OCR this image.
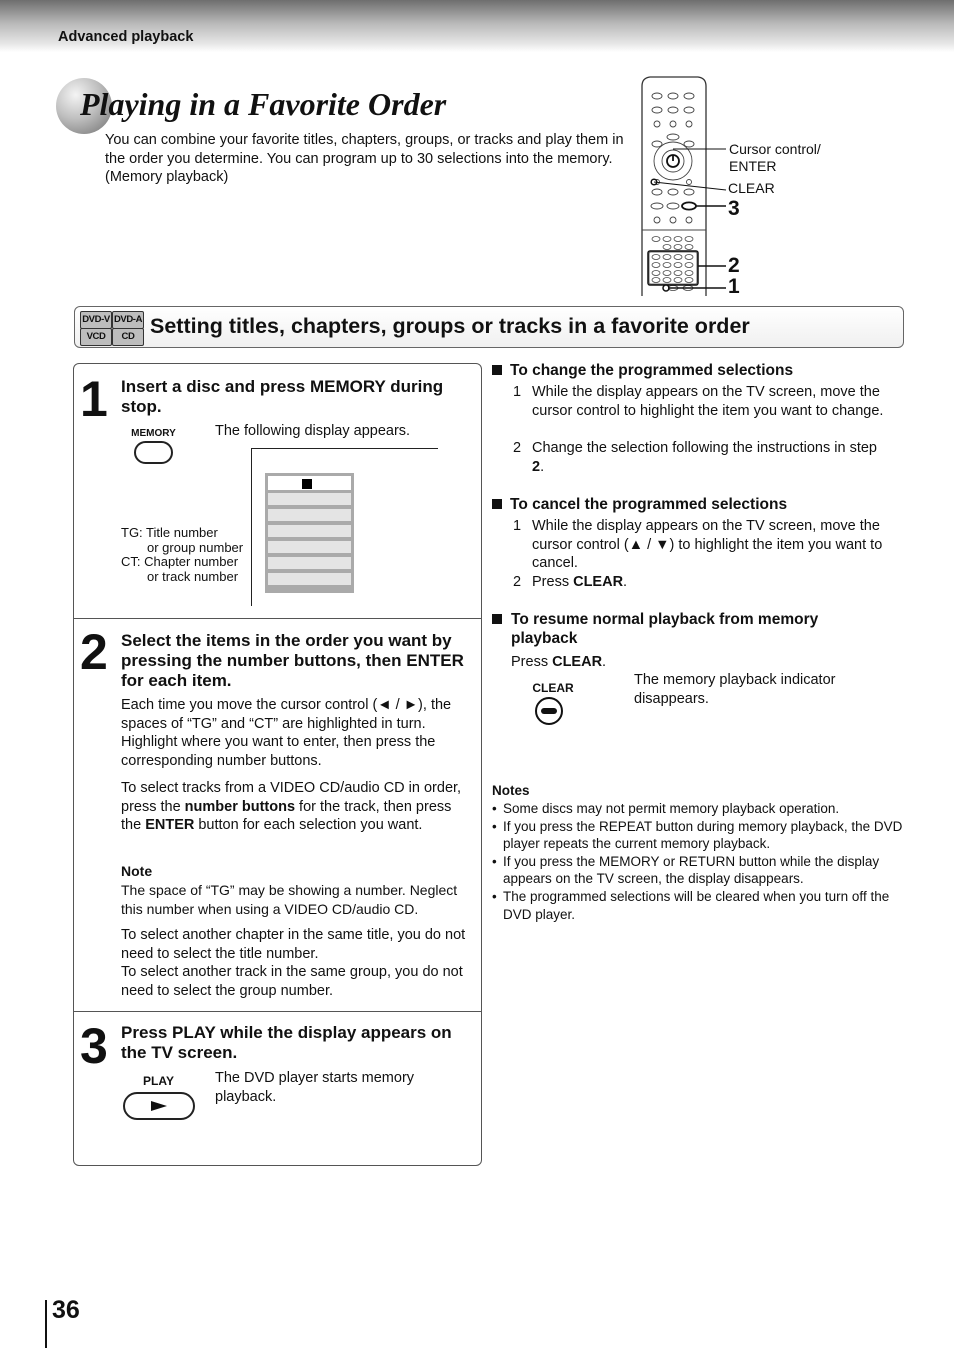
Advanced playback
Playing in a Favorite Order
You can combine your favorite titles, chapters, groups, or tracks and play them in the order you determine. You can program up to 30 selections into the memory. (Memory playback)
Cursor control/
ENTER
CLEAR
3
2
1
DVD-V DVD-A
VCD	CD Setting titles, chapters, groups or tracks in a favorite order
1 Insert a disc and press MEMORY during stop.
MEMORY	The following display appears.
TG: Title number
or group number
CT: Chapter number
or track number
2 Select the items in the order you want by pressing the number buttons, then ENTER for each item.
Each time you move the cursor control (◄ / ►), the spaces of “TG” and “CT” are highlighted in turn. Highlight where you want to enter, then press the corresponding number buttons.
To select tracks from a VIDEO CD/audio CD in order, press the number buttons for the track, then press the ENTER button for each selection you want.
Note
The space of “TG” may be showing a number. Neglect this number when using a VIDEO CD/audio CD.
To select another chapter in the same title, you do not need to select the title number.
To select another track in the same group, you do not need to select the group number.
3 Press PLAY while the display appears on the TV screen.
PLAY	The DVD player starts memory playback.
To change the programmed selections
1 While the display appears on the TV screen, move the cursor control to highlight the item you want to change.
2 Change the selection following the instructions in step 2.
To cancel the programmed selections
1 While the display appears on the TV screen, move the cursor control (▲ / ▼) to highlight the item you want to cancel.
2 Press CLEAR.
To resume normal playback from memory playback
Press CLEAR.
CLEAR	The memory playback indicator disappears.
Notes
• Some discs may not permit memory playback operation.
• If you press the REPEAT button during memory playback, the DVD player repeats the current memory playback.
• If you press the MEMORY or RETURN button while the display appears on the TV screen, the display disappears.
• The programmed selections will be cleared when you turn off the DVD player.
36
